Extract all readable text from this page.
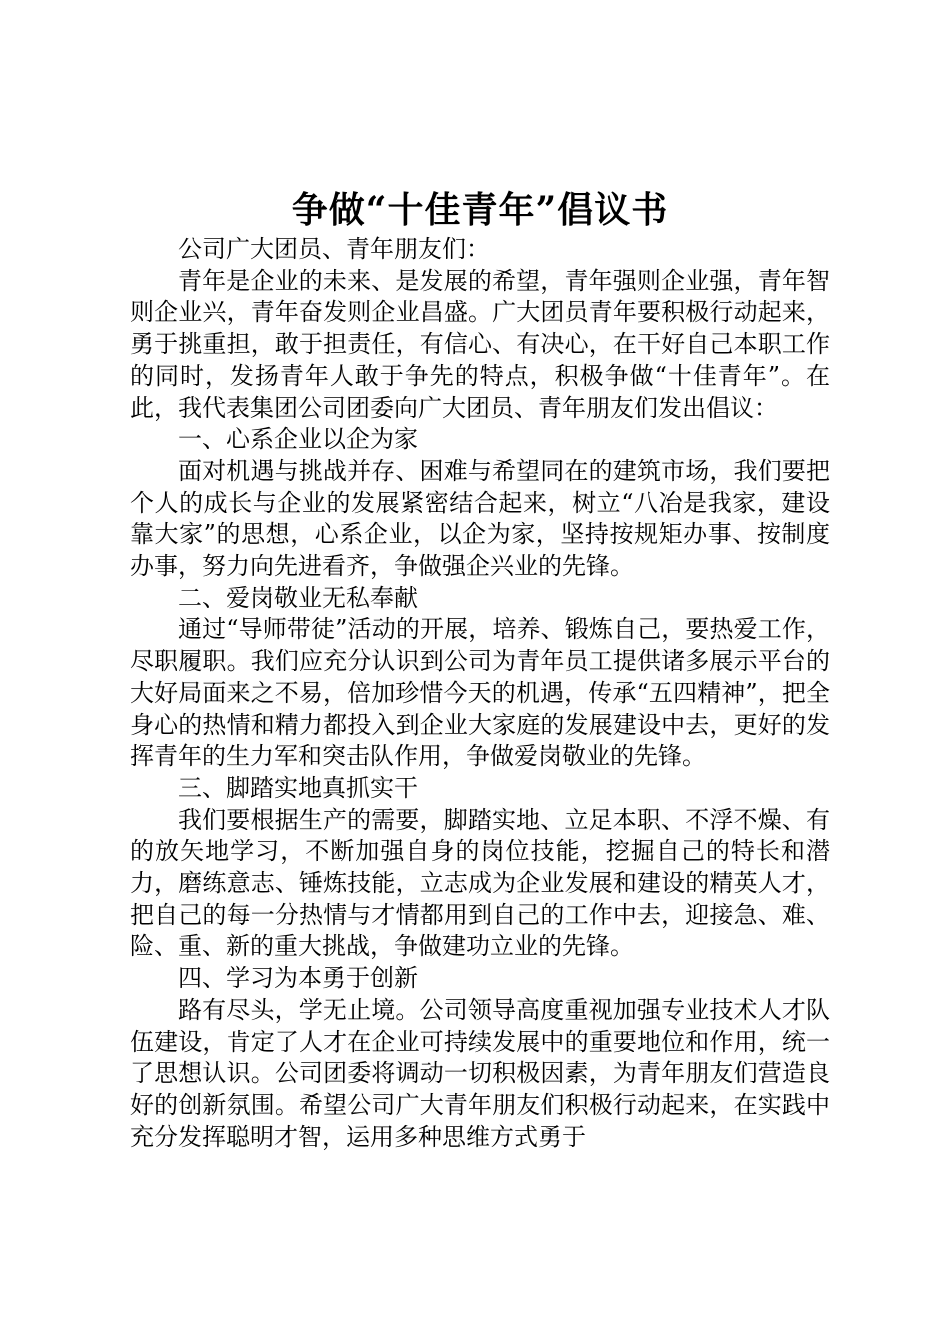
争做“十佳青年”倡议书

公司广大团员、青年朋友们：

青年是企业的未来、是发展的希望，青年强则企业强，青年智则企业兴，青年奋发则企业昌盛。广大团员青年要积极行动起来，勇于挑重担，敢于担责任，有信心、有决心，在干好自己本职工作的同时，发扬青年人敢于争先的特点，积极争做“十佳青年”。在此，我代表集团公司团委向广大团员、青年朋友们发出倡议：

一、心系企业以企为家

面对机遇与挑战并存、困难与希望同在的建筑市场，我们要把个人的成长与企业的发展紧密结合起来，树立“八冶是我家，建设靠大家”的思想，心系企业，以企为家，坚持按规矩办事、按制度办事，努力向先进看齐，争做强企兴业的先锋。

二、爱岗敬业无私奉献

通过“导师带徒”活动的开展，培养、锻炼自己，要热爱工作，尽职履职。我们应充分认识到公司为青年员工提供诸多展示平台的大好局面来之不易，倍加珍惜今天的机遇，传承“五四精神”，把全身心的热情和精力都投入到企业大家庭的发展建设中去，更好的发挥青年的生力军和突击队作用，争做爱岗敬业的先锋。

三、脚踏实地真抓实干

我们要根据生产的需要，脚踏实地、立足本职、不浮不燥、有的放矢地学习，不断加强自身的岗位技能，挖掘自己的特长和潜力，磨练意志、锤炼技能，立志成为企业发展和建设的精英人才，把自己的每一分热情与才情都用到自己的工作中去，迎接急、难、险、重、新的重大挑战，争做建功立业的先锋。

四、学习为本勇于创新

路有尽头，学无止境。公司领导高度重视加强专业技术人才队伍建设，肯定了人才在企业可持续发展中的重要地位和作用，统一了思想认识。公司团委将调动一切积极因素，为青年朋友们营造良好的创新氛围。希望公司广大青年朋友们积极行动起来，在实践中充分发挥聪明才智，运用多种思维方式勇于
